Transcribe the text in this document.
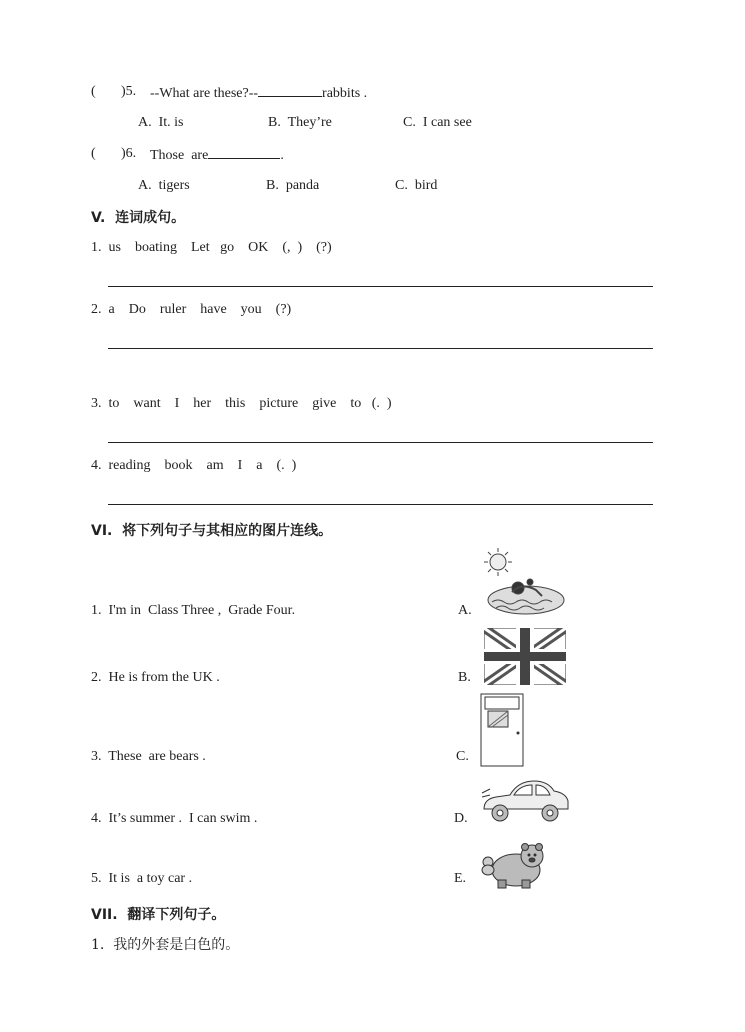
( )5. --What are these?--	rabbits .
A.  It. is	B.  They’re	C.  I can see
( )6. Those  are	.
A.  tigers	B.  panda	C.  bird
V.  连词成句。
1.  us    boating    Let   go    OK    (,  )    (?)
2.  a    Do    ruler    have    you    (?)
3.  to    want    I    her    this    picture    give    to   (.  )
4.  reading    book    am    I    a    (.  )
VI.  将下列句子与其相应的图片连线。
1.  I'm in  Class Three ,  Grade Four.	A.
2.  He is from the UK .	B.
3.  These  are bears .	C.
4.  It’s summer .  I can swim .	D.
5.  It is  a toy car .	E.
VII.  翻译下列句子。
1.  我的外套是白色的。
